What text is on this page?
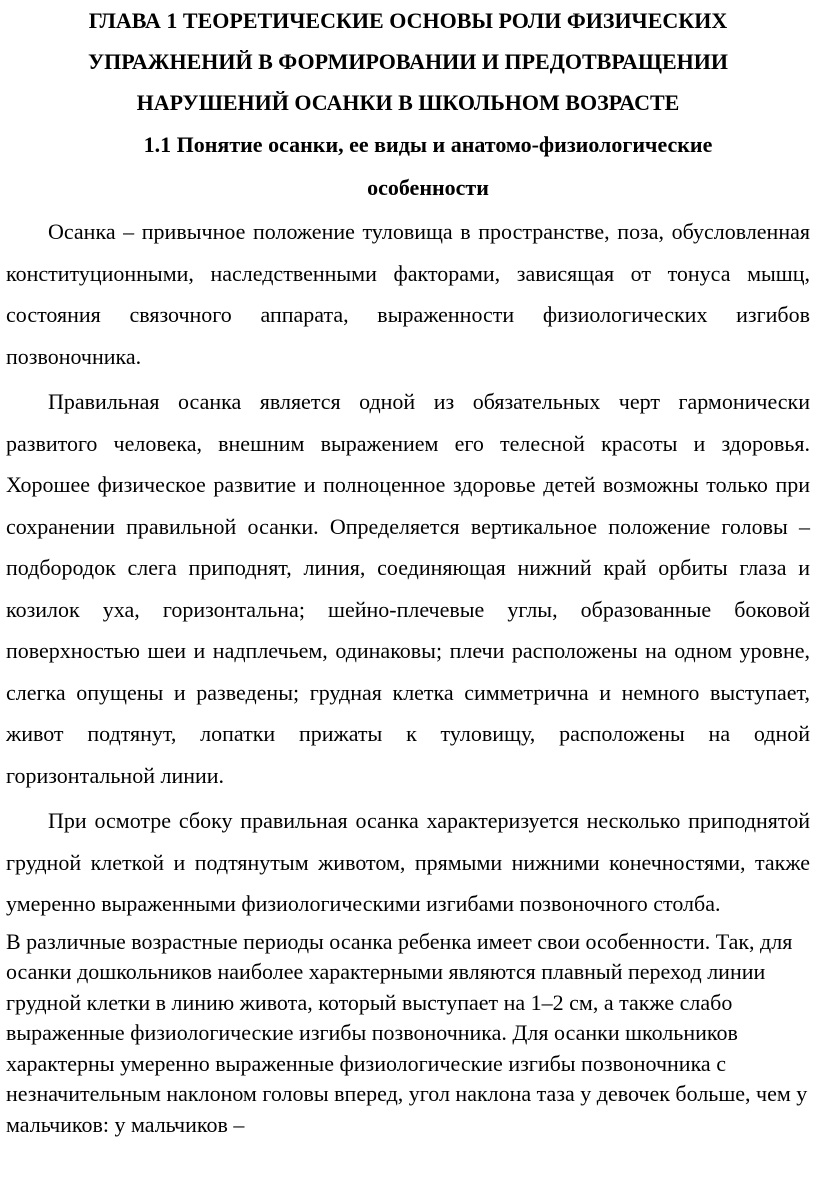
ГЛАВА 1 ТЕОРЕТИЧЕСКИЕ ОСНОВЫ РОЛИ ФИЗИЧЕСКИХ
УПРАЖНЕНИЙ В ФОРМИРОВАНИИ И ПРЕДОТВРАЩЕНИИ
НАРУШЕНИЙ ОСАНКИ В ШКОЛЬНОМ ВОЗРАСТЕ
1.1 Понятие осанки, ее виды и анатомо-физиологические
особенности

Осанка – привычное положение туловища в пространстве, поза, обусловленная конституционными, наследственными факторами, зависящая от тонуса мышц, состояния связочного аппарата, выраженности физиологических изгибов позвоночника.

Правильная осанка является одной из обязательных черт гармонически развитого человека, внешним выражением его телесной красоты и здоровья. Хорошее физическое развитие и полноценное здоровье детей возможны только при сохранении правильной осанки. Определяется вертикальное положение головы – подбородок слега приподнят, линия, соединяющая нижний край орбиты глаза и козилок уха, горизонтальна; шейно-плечевые углы, образованные боковой поверхностью шеи и надплечьем, одинаковы; плечи расположены на одном уровне, слегка опущены и разведены; грудная клетка симметрична и немного выступает, живот подтянут, лопатки прижаты к туловищу, расположены на одной горизонтальной линии.

При осмотре сбоку правильная осанка характеризуется несколько приподнятой грудной клеткой и подтянутым животом, прямыми нижними конечностями, также умеренно выраженными физиологическими изгибами позвоночного столба.

В различные возрастные периоды осанка ребенка имеет свои особенности. Так, для осанки дошкольников наиболее характерными являются плавный переход линии грудной клетки в линию живота, который выступает на 1–2 см, а также слабо выраженные физиологические изгибы позвоночника. Для осанки школьников характерны умеренно выраженные физиологические изгибы позвоночника с незначительным наклоном головы вперед, угол наклона таза у девочек больше, чем у мальчиков: у мальчиков –
